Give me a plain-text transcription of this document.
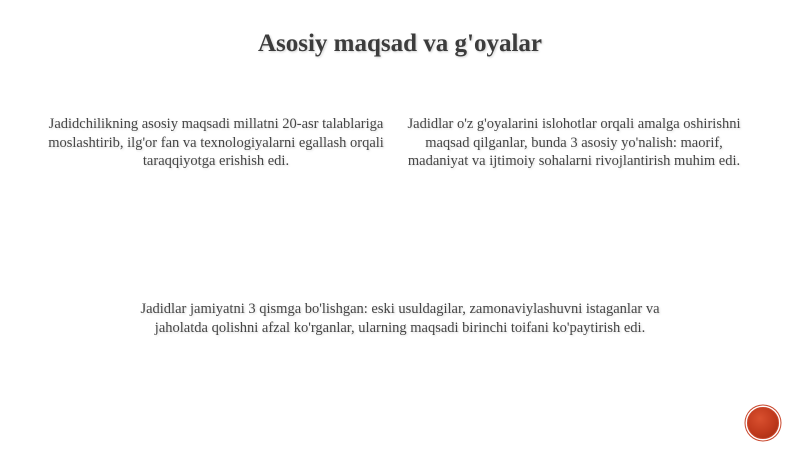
Asosiy maqsad va g'oyalar

Jadidchilikning asosiy maqsadi millatni 20-asr talablariga moslashtirib, ilg'or fan va texnologiyalarni egallash orqali taraqqiyotga erishish edi.

Jadidlar o'z g'oyalarini islohotlar orqali amalga oshirishni maqsad qilganlar, bunda 3 asosiy yo'nalish: maorif, madaniyat va ijtimoiy sohalarni rivojlantirish muhim edi.

Jadidlar jamiyatni 3 qismga bo'lishgan: eski usuldagilar, zamonaviylashuvni istaganlar va jaholatda qolishni afzal ko'rganlar, ularning maqsadi birinchi toifani ko'paytirish edi.
